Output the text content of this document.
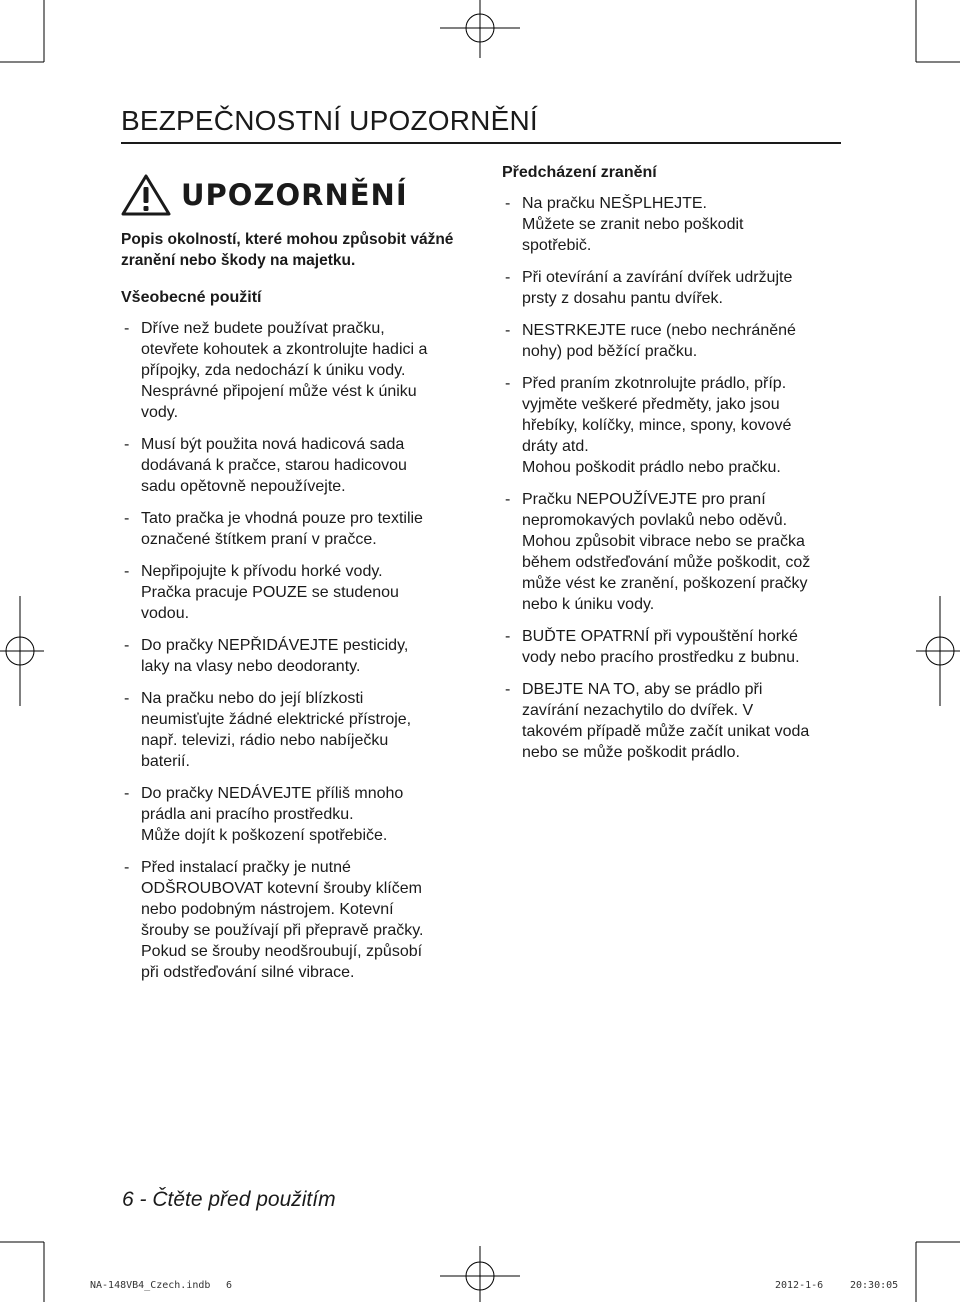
BEZPEČNOSTNÍ UPOZORNĚNÍ
UPOZORNĚNÍ
Popis okolností, které mohou způsobit vážné zranění nebo škody na majetku.
Všeobecné použití
- Dříve než budete používat pračku,
otevřete kohoutek a zkontrolujte hadici a
přípojky, zda nedochází k úniku vody.
Nesprávné připojení může vést k úniku
vody.
- Musí být použita nová hadicová sada
dodávaná k pračce, starou hadicovou
sadu opětovně nepoužívejte.
- Tato pračka je vhodná pouze pro textilie
označené štítkem praní v pračce.
- Nepřipojujte k přívodu horké vody.
Pračka pracuje POUZE se studenou
vodou.
- Do pračky NEPŘIDÁVEJTE pesticidy,
laky na vlasy nebo deodoranty.
- Na pračku nebo do její blízkosti
neumisťujte žádné elektrické přístroje,
např. televizi, rádio nebo nabíječku
baterií.
- Do pračky NEDÁVEJTE příliš mnoho
prádla ani pracího prostředku.
Může dojít k poškození spotřebiče.
- Před instalací pračky je nutné
ODŠROUBOVAT kotevní šrouby klíčem
nebo podobným nástrojem. Kotevní
šrouby se používají při přepravě pračky.
Pokud se šrouby neodšroubují, způsobí
při odstřeďování silné vibrace.
Předcházení zranění
- Na pračku NEŠPLHEJTE.
Můžete se zranit nebo poškodit
spotřebič.
- Při otevírání a zavírání dvířek udržujte
prsty z dosahu pantu dvířek.
- NESTRKEJTE ruce (nebo nechráněné
nohy) pod běžící pračku.
- Před praním zkotnrolujte prádlo, příp.
vyjměte veškeré předměty, jako jsou
hřebíky, kolíčky, mince, spony, kovové
dráty atd.
Mohou poškodit prádlo nebo pračku.
- Pračku NEPOUŽÍVEJTE pro praní
nepromokavých povlaků nebo oděvů.
Mohou způsobit vibrace nebo se pračka
během odstřeďování může poškodit, což
může vést ke zranění, poškození pračky
nebo k úniku vody.
- BUĎTE OPATRNÍ při vypouštění horké
vody nebo pracího prostředku z bubnu.
- DBEJTE NA TO, aby se prádlo při
zavírání nezachytilo do dvířek. V
takovém případě může začít unikat voda
nebo se může poškodit prádlo.
6 - Čtěte před použitím
NA-148VB4_Czech.indb 6	2012-1-6	20:30:05
